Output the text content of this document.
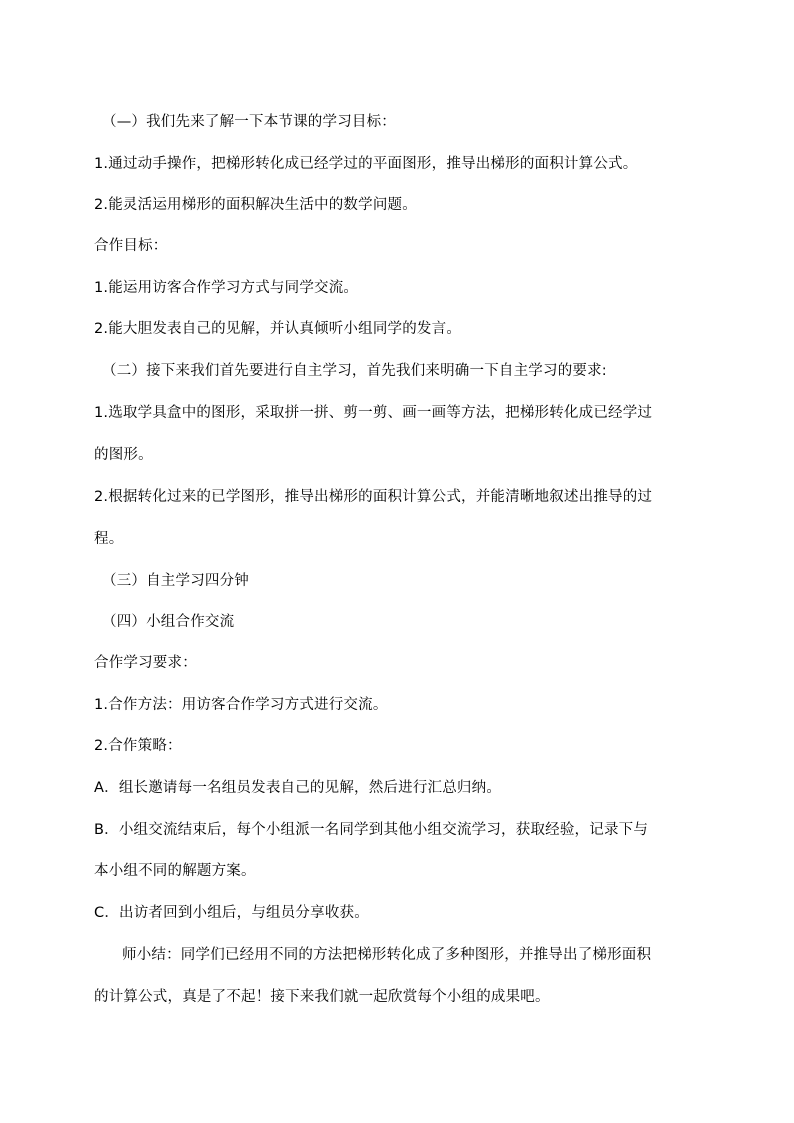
（—）我们先来了解一下本节课的学习目标：
1.通过动手操作，把梯形转化成已经学过的平面图形，推导出梯形的面积计算公式。
2.能灵活运用梯形的面积解决生活中的数学问题。
合作目标：
1.能运用访客合作学习方式与同学交流。
2.能大胆发表自己的见解，并认真倾听小组同学的发言。
（二）接下来我们首先要进行自主学习，首先我们来明确一下自主学习的要求:
1.选取学具盒中的图形，采取拼一拼、剪一剪、画一画等方法，把梯形转化成已经学过
的图形。
2.根据转化过来的已学图形，推导出梯形的面积计算公式，并能清晰地叙述出推导的过
程。
（三）自主学习四分钟
（四）小组合作交流
合作学习要求：
1.合作方法：用访客合作学习方式进行交流。
2.合作策略：
A．组长邀请每一名组员发表自己的见解，然后进行汇总归纳。
B．小组交流结束后，每个小组派一名同学到其他小组交流学习，获取经验，记录下与
本小组不同的解题方案。
C．出访者回到小组后，与组员分享收获。
师小结：同学们已经用不同的方法把梯形转化成了多种图形，并推导出了梯形面积
的计算公式，真是了不起！接下来我们就一起欣赏每个小组的成果吧。
